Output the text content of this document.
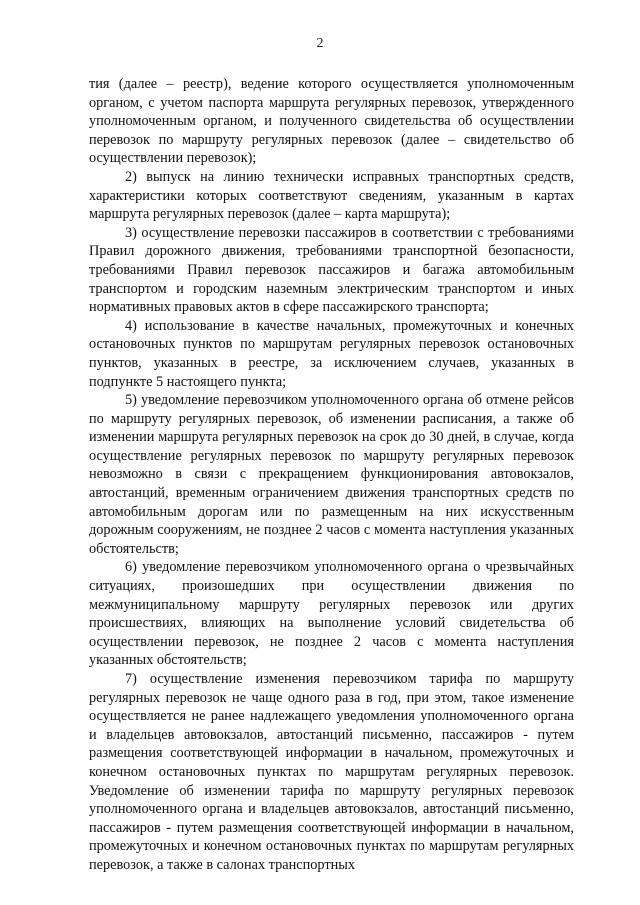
2

тия (далее – реестр), ведение которого осуществляется уполномоченным органом, с учетом паспорта маршрута регулярных перевозок, утвержденного уполномоченным органом, и полученного свидетельства об осуществлении перевозок по маршруту регулярных перевозок (далее – свидетельство об осуществлении перевозок);

2) выпуск на линию технически исправных транспортных средств, характеристики которых соответствуют сведениям, указанным в картах маршрута регулярных перевозок (далее – карта маршрута);

3) осуществление перевозки пассажиров в соответствии с требованиями Правил дорожного движения, требованиями транспортной безопасности, требованиями Правил перевозок пассажиров и багажа автомобильным транспортом и городским наземным электрическим транспортом и иных нормативных правовых актов в сфере пассажирского транспорта;

4) использование в качестве начальных, промежуточных и конечных остановочных пунктов по маршрутам регулярных перевозок остановочных пунктов, указанных в реестре, за исключением случаев, указанных в подпункте 5 настоящего пункта;

5) уведомление перевозчиком уполномоченного органа об отмене рейсов по маршруту регулярных перевозок, об изменении расписания, а также об изменении маршрута регулярных перевозок на срок до 30 дней, в случае, когда осуществление регулярных перевозок по маршруту регулярных перевозок невозможно в связи с прекращением функционирования автовокзалов, автостанций, временным ограничением движения транспортных средств по автомобильным дорогам или по размещенным на них искусственным дорожным сооружениям, не позднее 2 часов с момента наступления указанных обстоятельств;

6) уведомление перевозчиком уполномоченного органа о чрезвычайных ситуациях, произошедших при осуществлении движения по межмуниципальному маршруту регулярных перевозок или других происшествиях, влияющих на выполнение условий свидетельства об осуществлении перевозок, не позднее 2 часов с момента наступления указанных обстоятельств;

7) осуществление изменения перевозчиком тарифа по маршруту регулярных перевозок не чаще одного раза в год, при этом, такое изменение осуществляется не ранее надлежащего уведомления уполномоченного органа и владельцев автовокзалов, автостанций письменно, пассажиров - путем размещения соответствующей информации в начальном, промежуточных и конечном остановочных пунктах по маршрутам регулярных перевозок. Уведомление об изменении тарифа по маршруту регулярных перевозок уполномоченного органа и владельцев автовокзалов, автостанций письменно, пассажиров - путем размещения соответствующей информации в начальном, промежуточных и конечном остановочных пунктах по маршрутам регулярных перевозок, а также в салонах транспортных
